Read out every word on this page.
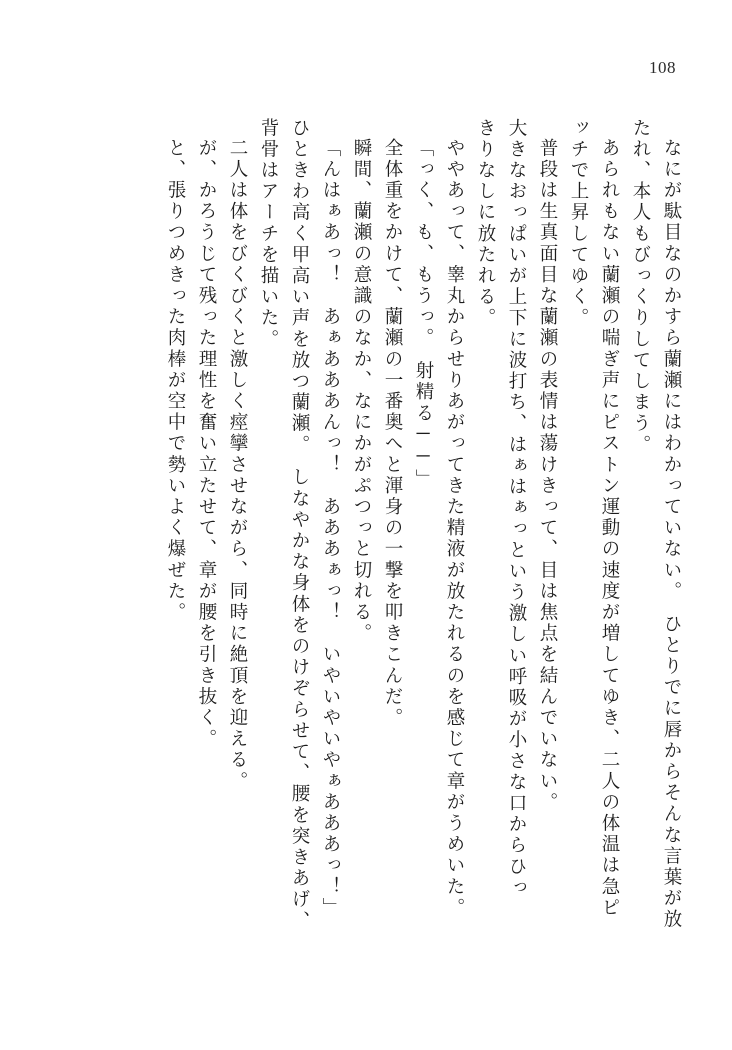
108
なにが駄目なのかすら蘭瀬にはわかっていない。　ひとりでに唇からそんな言葉が放
たれ、本人もびっくりしてしまう。
あられもない蘭瀬の喘ぎ声にピストン運動の速度が増してゆき、二人の体温は急ピ
ッチで上昇してゆく。
普段は生真面目な蘭瀬の表情は蕩けきって、目は焦点を結んでいない。
大きなおっぱいが上下に波打ち、はぁはぁっという激しい呼吸が小さな口からひっ
きりなしに放たれる。
ややあって、睾丸からせりあがってきた精液が放たれるのを感じて章がうめいた。
「っく、も、もうっ。　射精る──」
全体重をかけて、蘭瀬の一番奥へと渾身の一撃を叩きこんだ。
瞬間、蘭瀬の意識のなか、なにかがぷつっと切れる。
「んはぁあっ！　あぁあああんっ！　あああぁっ！　いやいやいやぁあああっ！」
ひときわ高く甲高い声を放つ蘭瀬。　しなやかな身体をのけぞらせて、腰を突きあげ、
背骨はアーチを描いた。
二人は体をびくびくと激しく痙攣させながら、同時に絶頂を迎える。
が、かろうじて残った理性を奮い立たせて、章が腰を引き抜く。
と、張りつめきった肉棒が空中で勢いよく爆ぜた。
